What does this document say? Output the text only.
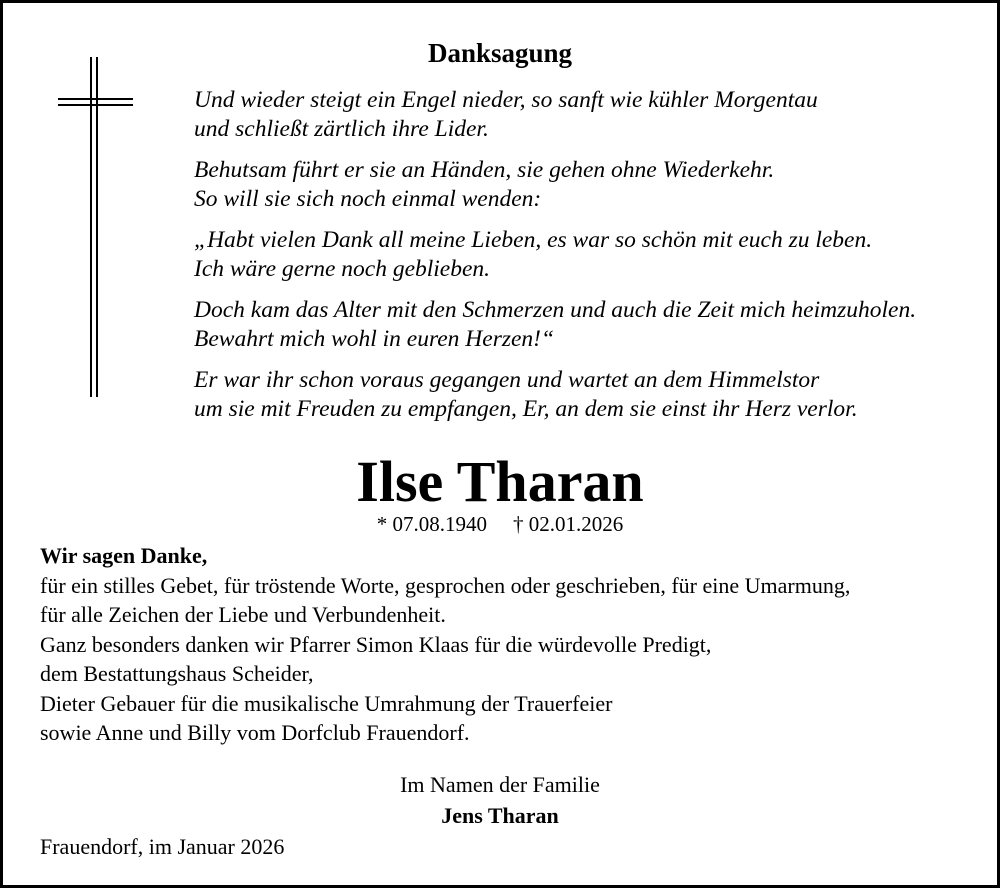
Danksagung
Und wieder steigt ein Engel nieder, so sanft wie kühler Morgentau
und schließt zärtlich ihre Lider.
Behutsam führt er sie an Händen, sie gehen ohne Wiederkehr.
So will sie sich noch einmal wenden:
„Habt vielen Dank all meine Lieben, es war so schön mit euch zu leben.
Ich wäre gerne noch geblieben.
Doch kam das Alter mit den Schmerzen und auch die Zeit mich heimzuholen.
Bewahrt mich wohl in euren Herzen!“
Er war ihr schon voraus gegangen und wartet an dem Himmelstor
um sie mit Freuden zu empfangen, Er, an dem sie einst ihr Herz verlor.
Ilse Tharan
* 07.08.1940 † 02.01.2026
Wir sagen Danke,
für ein stilles Gebet, für tröstende Worte, gesprochen oder geschrieben, für eine Umarmung,
für alle Zeichen der Liebe und Verbundenheit.
Ganz besonders danken wir Pfarrer Simon Klaas für die würdevolle Predigt,
dem Bestattungshaus Scheider,
Dieter Gebauer für die musikalische Umrahmung der Trauerfeier
sowie Anne und Billy vom Dorfclub Frauendorf.
Im Namen der Familie
Jens Tharan
Frauendorf, im Januar 2026
